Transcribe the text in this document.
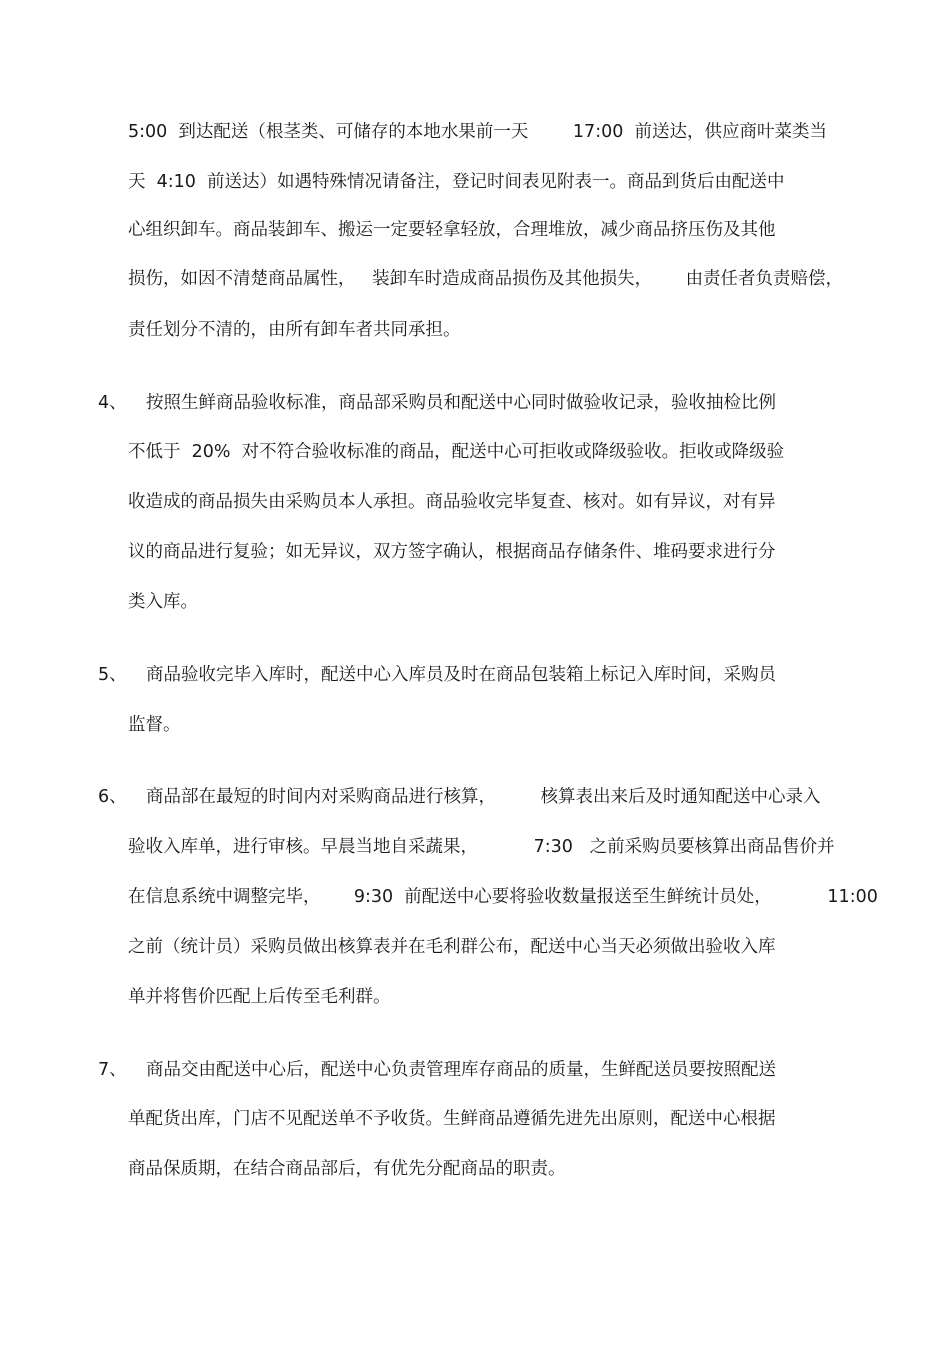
5:00  到达配送（根茎类、可储存的本地水果前一天        17:00  前送达，供应商叶菜类当

天  4:10  前送达）如遇特殊情况请备注，登记时间表见附表一。商品到货后由配送中

心组织卸车。商品装卸车、搬运一定要轻拿轻放，合理堆放，减少商品挤压伤及其他

损伤，如因不清楚商品属性，   装卸车时造成商品损伤及其他损失，      由责任者负责赔偿，

责任划分不清的，由所有卸车者共同承担。

4、 按照生鲜商品验收标准，商品部采购员和配送中心同时做验收记录，验收抽检比例

不低于  20%  对不符合验收标准的商品，配送中心可拒收或降级验收。拒收或降级验

收造成的商品损失由采购员本人承担。商品验收完毕复查、核对。如有异议，对有异

议的商品进行复验；如无异议，双方签字确认，根据商品存储条件、堆码要求进行分

类入库。

5、 商品验收完毕入库时，配送中心入库员及时在商品包装箱上标记入库时间，采购员

监督。

6、 商品部在最短的时间内对采购商品进行核算，        核算表出来后及时通知配送中心录入

验收入库单，进行审核。早晨当地自采蔬果，          7:30   之前采购员要核算出商品售价并

在信息系统中调整完毕，      9:30  前配送中心要将验收数量报送至生鲜统计员处，          11:00

之前（统计员）采购员做出核算表并在毛利群公布，配送中心当天必须做出验收入库

单并将售价匹配上后传至毛利群。

7、 商品交由配送中心后，配送中心负责管理库存商品的质量，生鲜配送员要按照配送

单配货出库，门店不见配送单不予收货。生鲜商品遵循先进先出原则，配送中心根据

商品保质期，在结合商品部后，有优先分配商品的职责。
